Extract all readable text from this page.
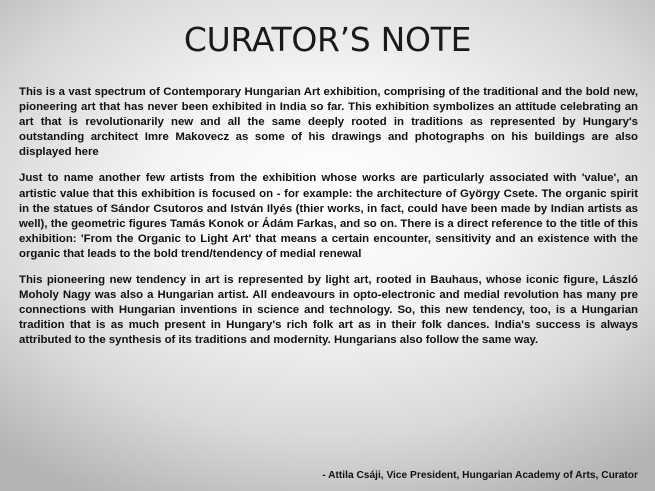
CURATOR’S NOTE

This is a vast spectrum of Contemporary Hungarian Art exhibition, comprising of the traditional and the bold new, pioneering art that has never been exhibited in India so far. This exhibition symbolizes an attitude celebrating an art that is revolutionarily new and all the same deeply rooted in traditions as represented by Hungary's outstanding architect Imre Makovecz as some of his drawings and photographs on his buildings are also displayed here

Just to name another few artists from the exhibition whose works are particularly associated with 'value', an artistic value that this exhibition is focused on - for example: the architecture of György Csete. The organic spirit in the statues of Sándor Csutoros and István Ilyés (thier works, in fact, could have been made by Indian artists as well), the geometric figures Tamás Konok or Ádám Farkas, and so on. There is a direct reference to the title of this exhibition: 'From the Organic to Light Art' that means a certain encounter, sensitivity and an existence with the organic that leads to the bold trend/tendency of medial renewal

This pioneering new tendency in art is represented by light art, rooted in Bauhaus, whose iconic figure, László Moholy Nagy was also a Hungarian artist. All endeavours in opto-electronic and medial revolution has many pre connections with Hungarian inventions in science and technology. So, this new tendency, too, is a Hungarian tradition that is as much present in Hungary's rich folk art as in their folk dances. India's success is always attributed to the synthesis of its traditions and modernity. Hungarians also follow the same way.

- Attila Csáji, Vice President, Hungarian Academy of Arts, Curator
